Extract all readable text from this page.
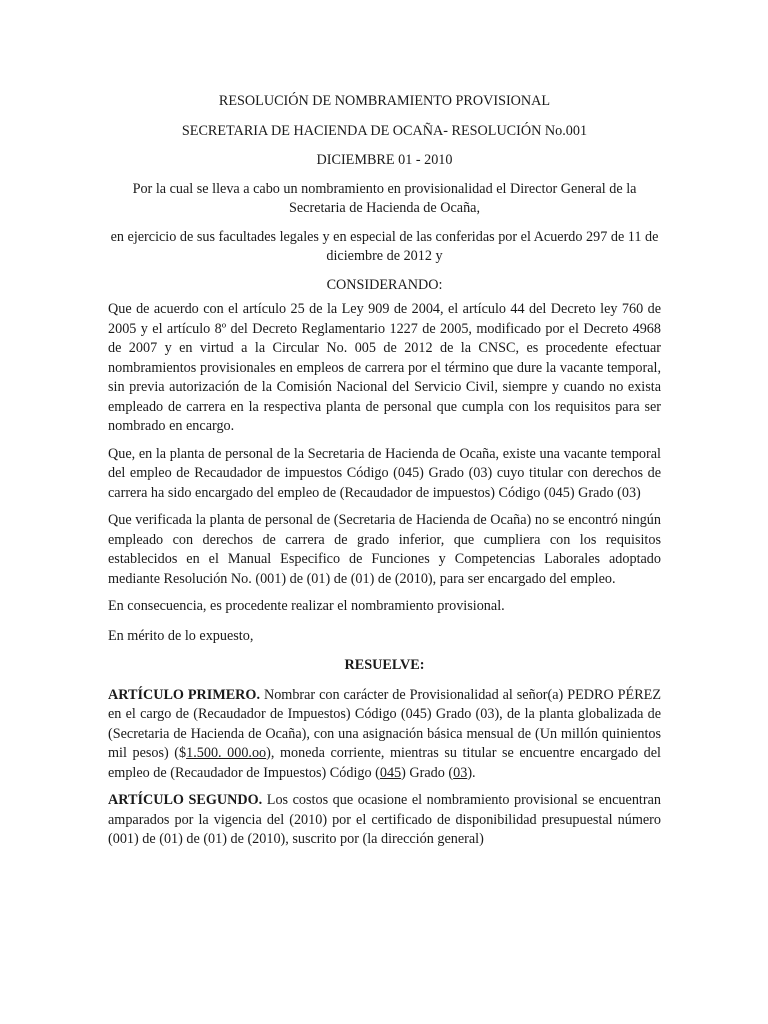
RESOLUCIÓN DE NOMBRAMIENTO PROVISIONAL

SECRETARIA DE HACIENDA DE OCAÑA- RESOLUCIÓN No.001

DICIEMBRE 01 - 2010

Por la cual se lleva a cabo un nombramiento en provisionalidad el Director General de la Secretaria de Hacienda de Ocaña,

en ejercicio de sus facultades legales y en especial de las conferidas por el Acuerdo 297 de 11 de diciembre de 2012 y

CONSIDERANDO:

Que de acuerdo con el artículo 25 de la Ley 909 de 2004, el artículo 44 del Decreto ley 760 de 2005 y el artículo 8º del Decreto Reglamentario 1227 de 2005, modificado por el Decreto 4968 de 2007 y en virtud a la Circular No. 005 de 2012 de la CNSC, es procedente efectuar nombramientos provisionales en empleos de carrera por el término que dure la vacante temporal, sin previa autorización de la Comisión Nacional del Servicio Civil, siempre y cuando no exista empleado de carrera en la respectiva planta de personal que cumpla con los requisitos para ser nombrado en encargo.

Que, en la planta de personal de la Secretaria de Hacienda de Ocaña, existe una vacante temporal del empleo de Recaudador de impuestos Código (045) Grado (03) cuyo titular con derechos de carrera ha sido encargado del empleo de (Recaudador de impuestos) Código (045) Grado (03)

Que verificada la planta de personal de (Secretaria de Hacienda de Ocaña) no se encontró ningún empleado con derechos de carrera de grado inferior, que cumpliera con los requisitos establecidos en el Manual Especifico de Funciones y Competencias Laborales adoptado mediante Resolución No. (001) de (01) de (01) de (2010), para ser encargado del empleo.

En consecuencia, es procedente realizar el nombramiento provisional.

En mérito de lo expuesto,

RESUELVE:

ARTÍCULO PRIMERO. Nombrar con carácter de Provisionalidad al señor(a) PEDRO PÉREZ en el cargo de (Recaudador de Impuestos) Código (045) Grado (03), de la planta globalizada de (Secretaria de Hacienda de Ocaña), con una asignación básica mensual de (Un millón quinientos mil pesos) ($1.500. 000.oo), moneda corriente, mientras su titular se encuentre encargado del empleo de (Recaudador de Impuestos) Código (045) Grado (03).

ARTÍCULO SEGUNDO. Los costos que ocasione el nombramiento provisional se encuentran amparados por la vigencia del (2010) por el certificado de disponibilidad presupuestal número (001) de (01) de (01) de (2010), suscrito por (la dirección general)
